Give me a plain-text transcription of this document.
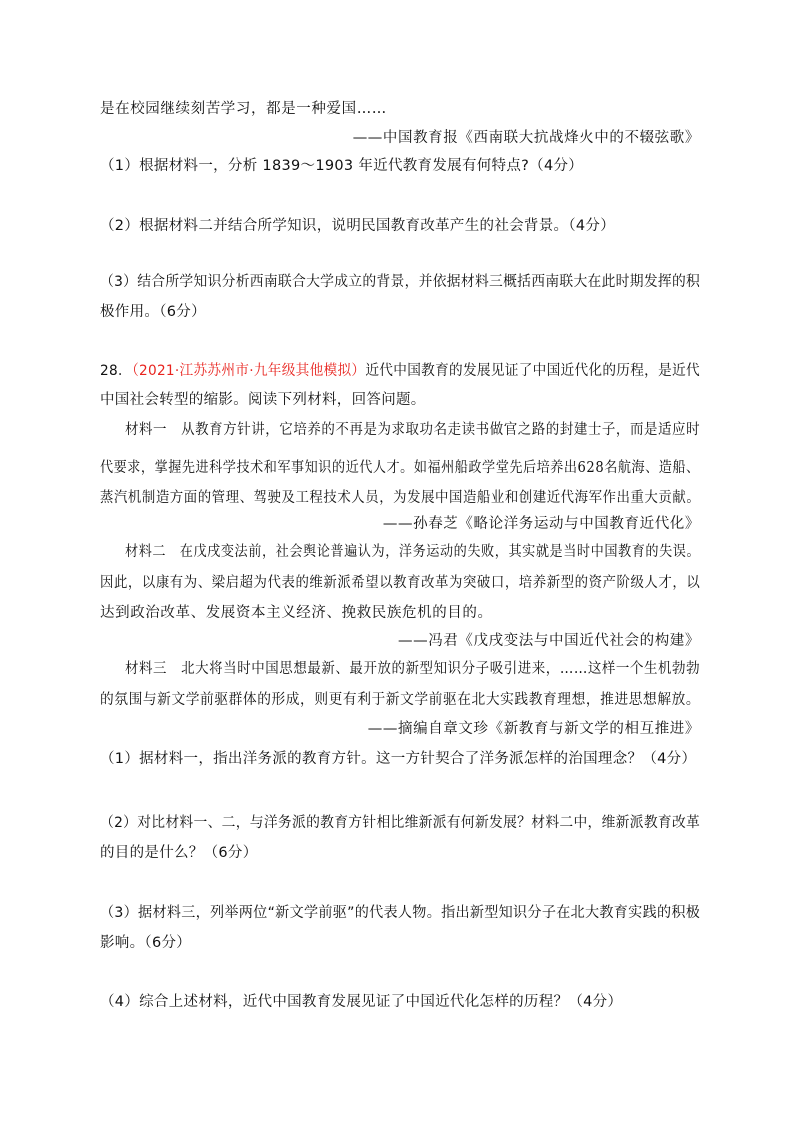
是在校园继续刻苦学习，都是一种爱国……
——中国教育报《西南联大抗战烽火中的不辍弦歌》
（1）根据材料一，分析 1839～1903 年近代教育发展有何特点?（4分）
（2）根据材料二并结合所学知识，说明民国教育改革产生的社会背景。（4分）
（3）结合所学知识分析西南联合大学成立的背景，并依据材料三概括西南联大在此时期发挥的积
极作用。（6分）
28．（2021·江苏苏州市·九年级其他模拟）近代中国教育的发展见证了中国近代化的历程，是近代
中国社会转型的缩影。阅读下列材料，回答问题。
材料一　从教育方针讲，它培养的不再是为求取功名走读书做官之路的封建士子，而是适应时
代要求，掌握先进科学技术和军事知识的近代人才。如福州船政学堂先后培养出628名航海、造船、
蒸汽机制造方面的管理、驾驶及工程技术人员，为发展中国造船业和创建近代海军作出重大贡献。
——孙春芝《略论洋务运动与中国教育近代化》
材料二　在戊戌变法前，社会舆论普遍认为，洋务运动的失败，其实就是当时中国教育的失误。
因此，以康有为、梁启超为代表的维新派希望以教育改革为突破口，培养新型的资产阶级人才，以
达到政治改革、发展资本主义经济、挽救民族危机的目的。
——冯君《戊戌变法与中国近代社会的构建》
材料三　北大将当时中国思想最新、最开放的新型知识分子吸引进来，……这样一个生机勃勃
的氛围与新文学前驱群体的形成，则更有利于新文学前驱在北大实践教育理想，推进思想解放。
——摘编自章文珍《新教育与新文学的相互推进》
（1）据材料一，指出洋务派的教育方针。这一方针契合了洋务派怎样的治国理念？（4分）
（2）对比材料一、二，与洋务派的教育方针相比维新派有何新发展？材料二中，维新派教育改革
的目的是什么？（6分）
（3）据材料三，列举两位“新文学前驱”的代表人物。指出新型知识分子在北大教育实践的积极
影响。（6分）
（4）综合上述材料，近代中国教育发展见证了中国近代化怎样的历程？（4分）
